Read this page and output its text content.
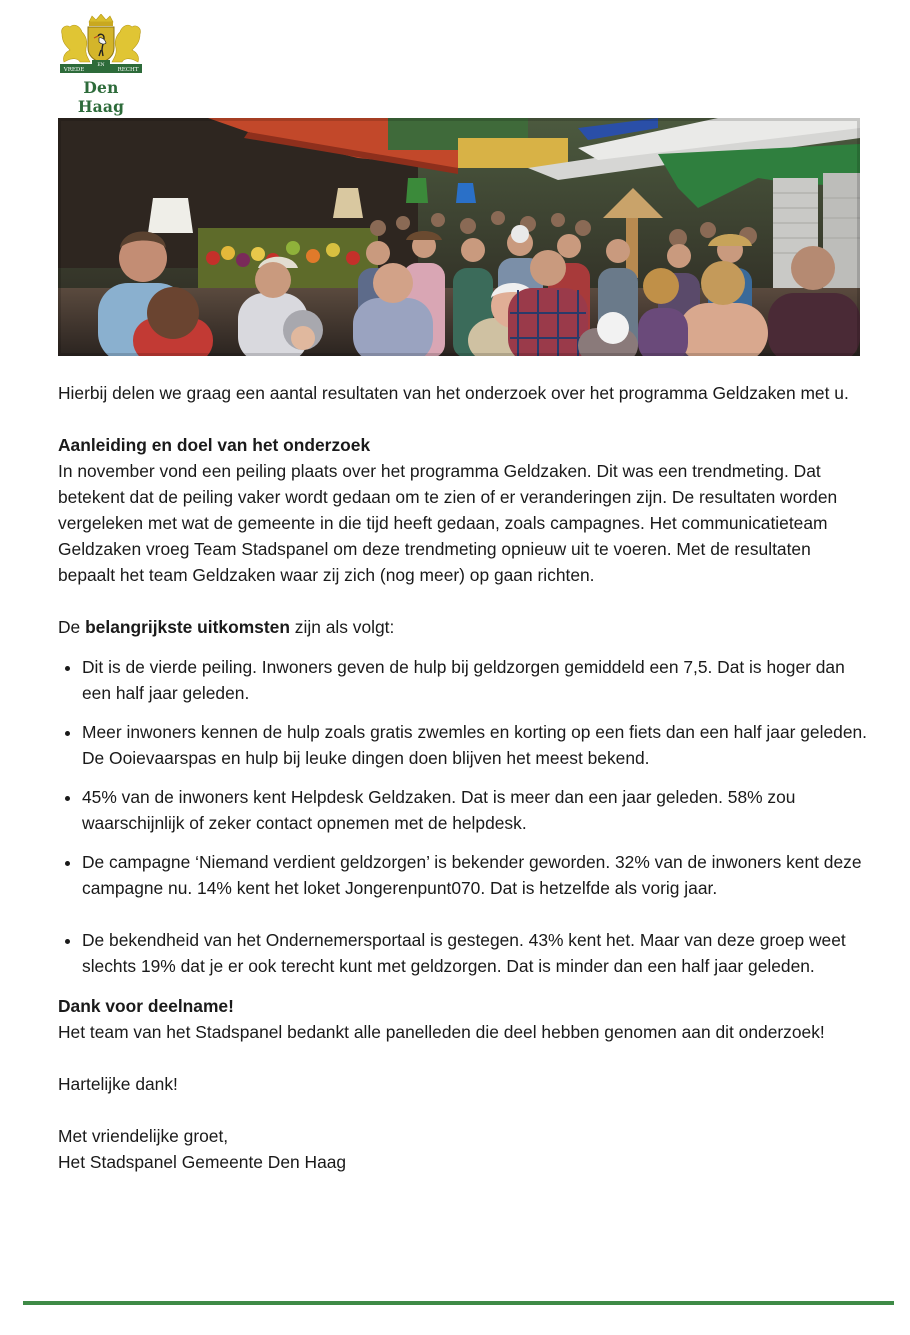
VREDE
EN
RECHT
Den Haag

Hierbij delen we graag een aantal resultaten van het onderzoek over het programma Geldzaken met u.

Aanleiding en doel van het onderzoek

In november vond een peiling plaats over het programma Geldzaken. Dit was een trendmeting. Dat betekent dat de peiling vaker wordt gedaan om te zien of er veranderingen zijn. De resultaten worden vergeleken met wat de gemeente in die tijd heeft gedaan, zoals campagnes. Het communicatieteam Geldzaken vroeg Team Stadspanel om deze trendmeting opnieuw uit te voeren. Met de resultaten bepaalt het team Geldzaken waar zij zich (nog meer) op gaan richten.

De belangrijkste uitkomsten zijn als volgt:

• Dit is de vierde peiling. Inwoners geven de hulp bij geldzorgen gemiddeld een 7,5. Dat is hoger dan een half jaar geleden.
• Meer inwoners kennen de hulp zoals gratis zwemles en korting op een fiets dan een half jaar geleden. De Ooievaarspas en hulp bij leuke dingen doen blijven het meest bekend.
• 45% van de inwoners kent Helpdesk Geldzaken. Dat is meer dan een jaar geleden. 58% zou waarschijnlijk of zeker contact opnemen met de helpdesk.
• De campagne ‘Niemand verdient geldzorgen’ is bekender geworden. 32% van de inwoners kent deze campagne nu. 14% kent het loket Jongerenpunt070. Dat is hetzelfde als vorig jaar.
• De bekendheid van het Ondernemersportaal is gestegen. 43% kent het. Maar van deze groep weet slechts 19% dat je er ook terecht kunt met geldzorgen. Dat is minder dan een half jaar geleden.

Dank voor deelname!

Het team van het Stadspanel bedankt alle panelleden die deel hebben genomen aan dit onderzoek!

Hartelijke dank!

Met vriendelijke groet,

Het Stadspanel Gemeente Den Haag
